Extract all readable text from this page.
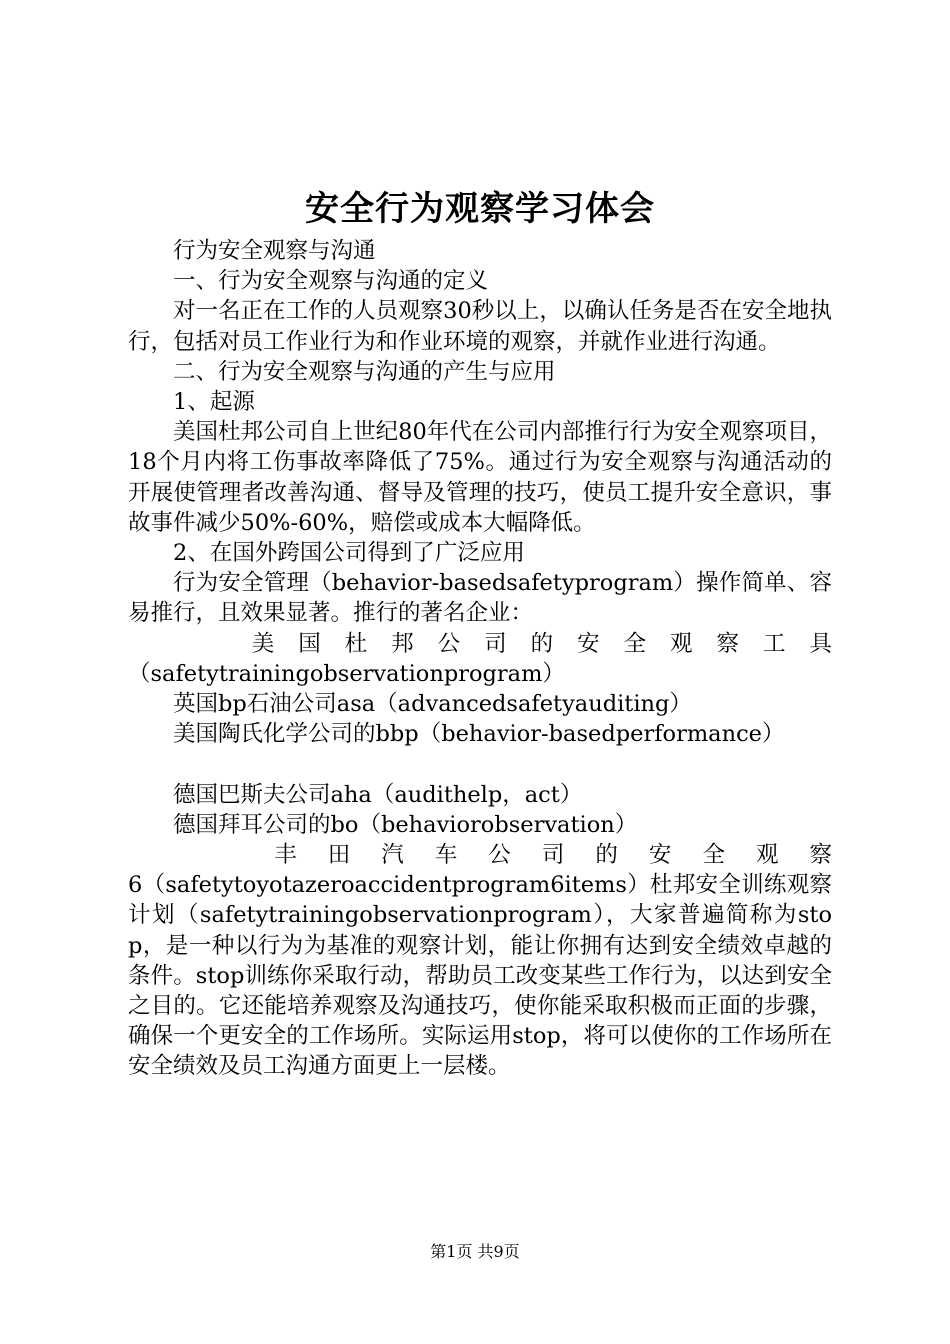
安全行为观察学习体会

行为安全观察与沟通

一、行为安全观察与沟通的定义

对一名正在工作的人员观察30秒以上，以确认任务是否在安全地执行，包括对员工作业行为和作业环境的观察，并就作业进行沟通。

二、行为安全观察与沟通的产生与应用

1、起源

美国杜邦公司自上世纪80年代在公司内部推行行为安全观察项目，18个月内将工伤事故率降低了75%。通过行为安全观察与沟通活动的开展使管理者改善沟通、督导及管理的技巧，使员工提升安全意识，事故事件减少50%-60%，赔偿或成本大幅降低。

2、在国外跨国公司得到了广泛应用

行为安全管理（behavior-basedsafetyprogram）操作简单、容易推行，且效果显著。推行的著名企业：

美国杜邦公司的安全观察工具

（safetytrainingobservationprogram）

英国bp石油公司asa（advancedsafetyauditing）

美国陶氏化学公司的bbp（behavior-basedperformance）

德国巴斯夫公司aha（audithelp，act）

德国拜耳公司的bo（behaviorobservation）

丰田汽车公司的安全观察

6（safetytoyotazeroaccidentprogram6items）杜邦安全训练观察计划（safetytrainingobservationprogram），大家普遍简称为stop，是一种以行为为基准的观察计划，能让你拥有达到安全绩效卓越的条件。stop训练你采取行动，帮助员工改变某些工作行为，以达到安全之目的。它还能培养观察及沟通技巧，使你能采取积极而正面的步骤，确保一个更安全的工作场所。实际运用stop，将可以使你的工作场所在安全绩效及员工沟通方面更上一层楼。

第1页 共9页
